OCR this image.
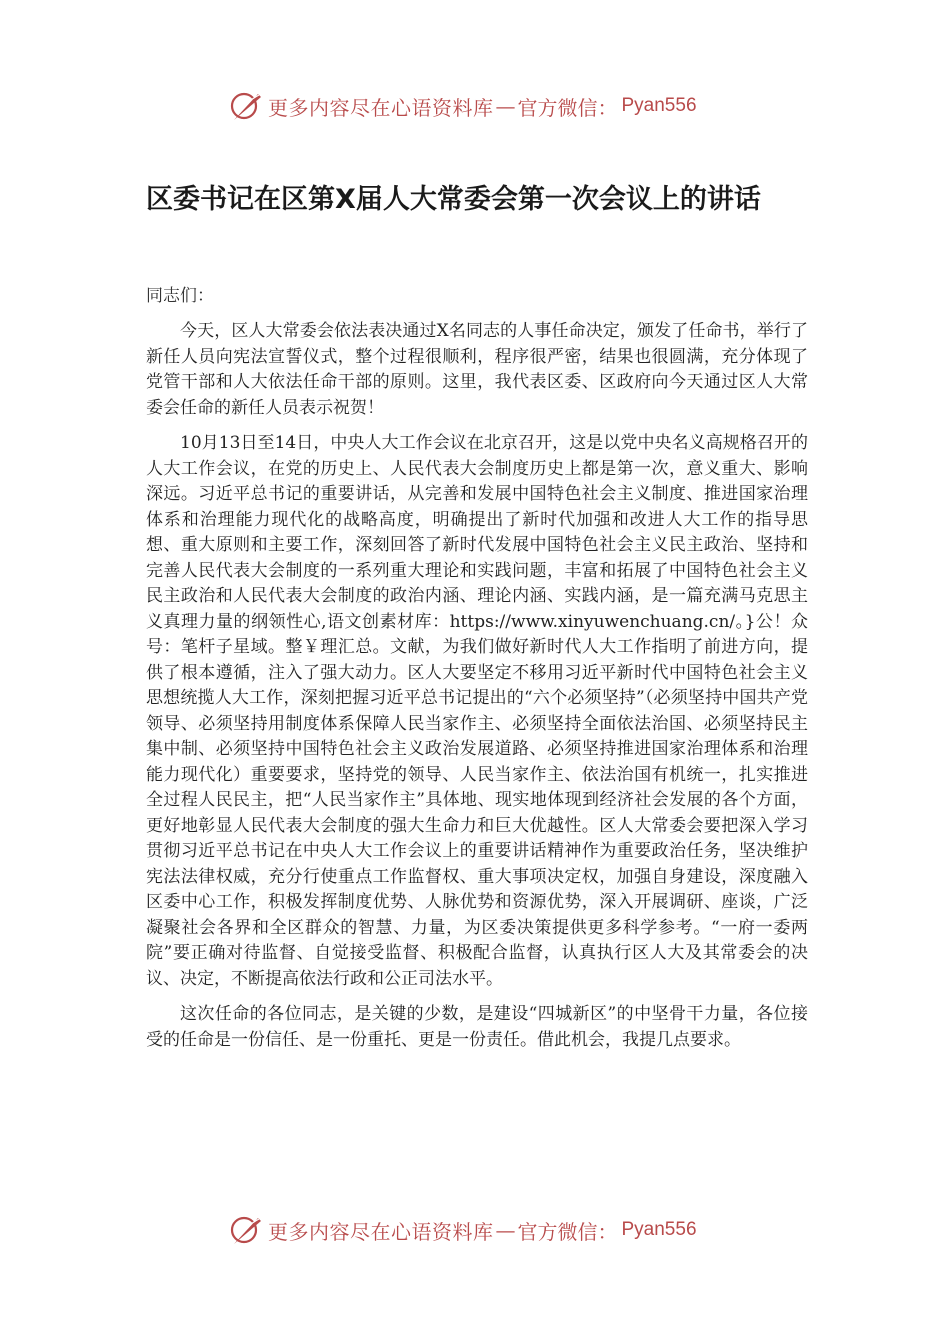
更多内容尽在心语资料库 — 官方微信： Pyan556
区委书记在区第Ⅹ届人大常委会第一次会议上的讲话

同志们：

今天，区人大常委会依法表决通过X名同志的人事任命决定，颁发了任命书，举行了新任人员向宪法宣誓仪式，整个过程很顺利，程序很严密，结果也很圆满，充分体现了党管干部和人大依法任命干部的原则。这里，我代表区委、区政府向今天通过区人大常委会任命的新任人员表示祝贺！

10月13日至14日，中央人大工作会议在北京召开，这是以党中央名义高规格召开的人大工作会议，在党的历史上、人民代表大会制度历史上都是第一次，意义重大、影响深远。习近平总书记的重要讲话，从完善和发展中国特色社会主义制度、推进国家治理体系和治理能力现代化的战略高度，明确提出了新时代加强和改进人大工作的指导思想、重大原则和主要工作，深刻回答了新时代发展中国特色社会主义民主政治、坚持和完善人民代表大会制度的一系列重大理论和实践问题，丰富和拓展了中国特色社会主义民主政治和人民代表大会制度的政治内涵、理论内涵、实践内涵，是一篇充满马克思主义真理力量的纲领性心,语文创素材库：https://www.xinyuwenchuang.cn/。}公！众号：笔杆子星域。整￥理汇总。文献，为我们做好新时代人大工作指明了前进方向，提供了根本遵循，注入了强大动力。区人大要坚定不移用习近平新时代中国特色社会主义思想统揽人大工作，深刻把握习近平总书记提出的“六个必须坚持”（必须坚持中国共产党领导、必须坚持用制度体系保障人民当家作主、必须坚持全面依法治国、必须坚持民主集中制、必须坚持中国特色社会主义政治发展道路、必须坚持推进国家治理体系和治理能力现代化）重要要求，坚持党的领导、人民当家作主、依法治国有机统一，扎实推进全过程人民民主，把“人民当家作主”具体地、现实地体现到经济社会发展的各个方面，更好地彰显人民代表大会制度的强大生命力和巨大优越性。区人大常委会要把深入学习贯彻习近平总书记在中央人大工作会议上的重要讲话精神作为重要政治任务，坚决维护宪法法律权威，充分行使重点工作监督权、重大事项决定权，加强自身建设，深度融入区委中心工作，积极发挥制度优势、人脉优势和资源优势，深入开展调研、座谈，广泛凝聚社会各界和全区群众的智慧、力量，为区委决策提供更多科学参考。“一府一委两院”要正确对待监督、自觉接受监督、积极配合监督，认真执行区人大及其常委会的决议、决定，不断提高依法行政和公正司法水平。

这次任命的各位同志，是关键的少数，是建设“四城新区”的中坚骨干力量，各位接受的任命是一份信任、是一份重托、更是一份责任。借此机会，我提几点要求。

更多内容尽在心语资料库 — 官方微信： Pyan556
